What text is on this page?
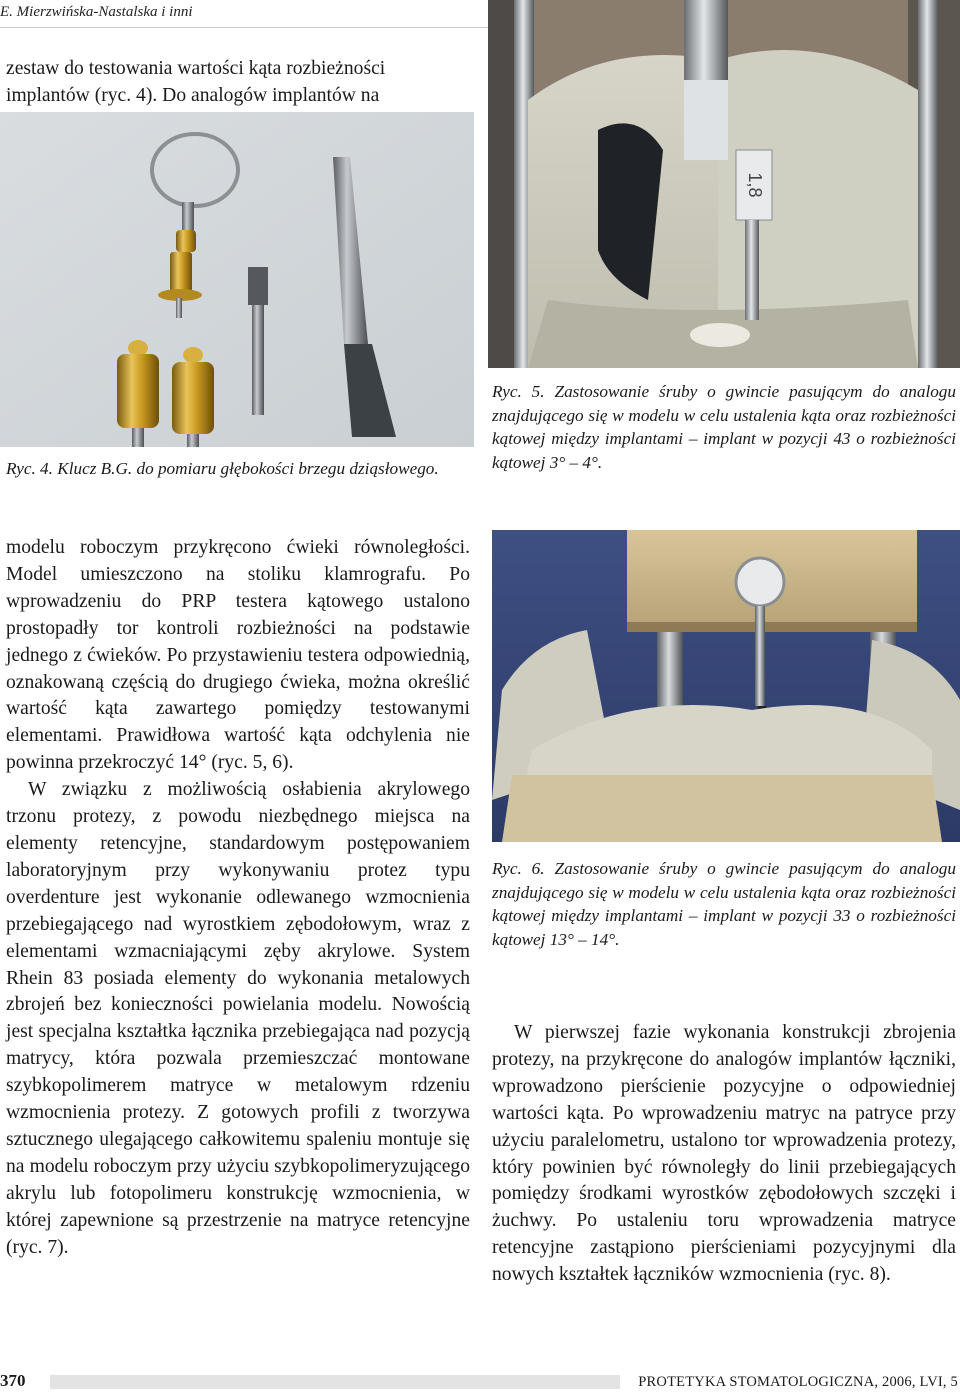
E. Mierzwińska-Nastalska i inni
zestaw do testowania wartości kąta rozbieżności
implantów (ryc. 4). Do analogów implantów na
Ryc. 4. Klucz B.G. do pomiaru głębokości brzegu dziąsłowego.
1,8
Ryc. 5. Zastosowanie śruby o gwincie pasującym do analogu znajdującego się w modelu w celu ustalenia kąta oraz rozbieżności kątowej między implantami – implant w pozycji 43 o rozbieżności kątowej 3° – 4°.

modelu roboczym przykręcono ćwieki równoległości. Model umieszczono na stoliku klamrografu. Po wprowadzeniu do PRP testera kątowego ustalono prostopadły tor kontroli rozbieżności na podstawie jednego z ćwieków. Po przystawieniu testera odpowiednią, oznakowaną częścią do drugiego ćwieka, można określić wartość kąta zawartego pomiędzy testowanymi elementami. Prawidłowa wartość kąta odchylenia nie powinna przekroczyć 14° (ryc. 5, 6).

W związku z możliwością osłabienia akrylowego trzonu protezy, z powodu niezbędnego miejsca na elementy retencyjne, standardowym postępowaniem laboratoryjnym przy wykonywaniu protez typu overdenture jest wykonanie odlewanego wzmocnienia przebiegającego nad wyrostkiem zębodołowym, wraz z elementami wzmacniającymi zęby akrylowe. System Rhein 83 posiada elementy do wykonania metalowych zbrojeń bez konieczności powielania modelu. Nowością jest specjalna kształtka łącznika przebiegająca nad pozycją matrycy, która pozwala przemieszczać montowane szybkopolimerem matryce w metalowym rdzeniu wzmocnienia protezy. Z gotowych profili z tworzywa sztucznego ulegającego całkowitemu spaleniu montuje się na modelu roboczym przy użyciu szybkopolimeryzującego akrylu lub fotopolimeru konstrukcję wzmocnienia, w której zapewnione są przestrzenie na matryce retencyjne (ryc. 7).

Ryc. 6. Zastosowanie śruby o gwincie pasującym do analogu znajdującego się w modelu w celu ustalenia kąta oraz rozbieżności kątowej między implantami – implant w pozycji 33 o rozbieżności kątowej 13° – 14°.

W pierwszej fazie wykonania konstrukcji zbrojenia protezy, na przykręcone do analogów implantów łączniki, wprowadzono pierścienie pozycyjne o odpowiedniej wartości kąta. Po wprowadzeniu matryc na patryce przy użyciu paralelometru, ustalono tor wprowadzenia protezy, który powinien być równoległy do linii przebiegających pomiędzy środkami wyrostków zębodołowych szczęki i żuchwy. Po ustaleniu toru wprowadzenia matryce retencyjne zastąpiono pierścieniami pozycyjnymi dla nowych kształtek łączników wzmocnienia (ryc. 8).

370	PROTETYKA STOMATOLOGICZNA, 2006, LVI, 5
